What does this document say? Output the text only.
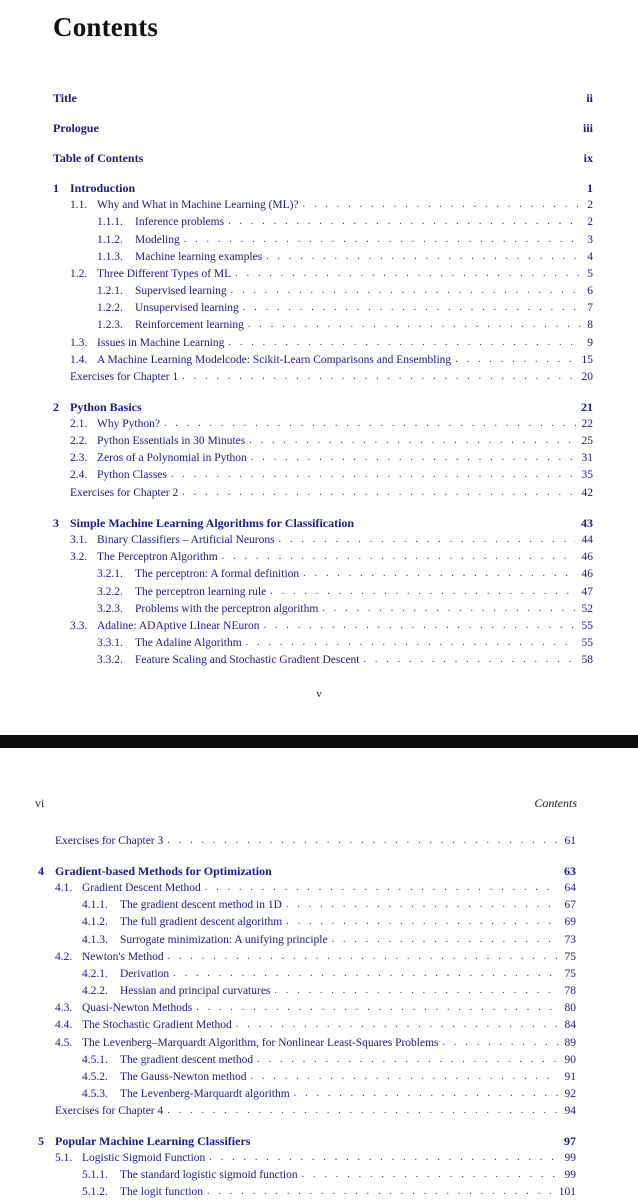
Contents
Title	ii
Prologue	iii
Table of Contents	ix
1 Introduction	1
1.1. Why and What in Machine Learning (ML)? . . .	2
1.1.1.	Inference problems . . .	2
1.1.2.	Modeling . . .	3
1.1.3.	Machine learning examples . . .	4
1.2. Three Different Types of ML . . .	5
1.2.1.	Supervised learning . . .	6
1.2.2.	Unsupervised learning . . .	7
1.2.3.	Reinforcement learning . . .	8
1.3. Issues in Machine Learning . . .	9
1.4. A Machine Learning Modelcode: Scikit-Learn Comparisons and Ensembling . . .	15
Exercises for Chapter 1 . . .	20
2 Python Basics	21
2.1. Why Python? . . .	22
2.2. Python Essentials in 30 Minutes . . .	25
2.3. Zeros of a Polynomial in Python . . .	31
2.4. Python Classes . . .	35
Exercises for Chapter 2 . . .	42
3 Simple Machine Learning Algorithms for Classification	43
3.1. Binary Classifiers – Artificial Neurons . . .	44
3.2. The Perceptron Algorithm . . .	46
3.2.1.	The perceptron: A formal definition . . .	46
3.2.2.	The perceptron learning rule . . .	47
3.2.3.	Problems with the perceptron algorithm . . .	52
3.3. Adaline: ADAptive LInear NEuron . . .	55
3.3.1.	The Adaline Algorithm . . .	55
3.3.2.	Feature Scaling and Stochastic Gradient Descent . . .	58
v
Exercises for Chapter 3 . . .	61
4 Gradient-based Methods for Optimization	63
4.1. Gradient Descent Method . . .	64
4.1.1.	The gradient descent method in 1D . . .	67
4.1.2.	The full gradient descent algorithm . . .	69
4.1.3.	Surrogate minimization: A unifying principle . . .	73
4.2. Newton's Method . . .	75
4.2.1.	Derivation . . .	75
4.2.2.	Hessian and principal curvatures . . .	78
4.3. Quasi-Newton Methods . . .	80
4.4. The Stochastic Gradient Method . . .	84
4.5. The Levenberg–Marquardt Algorithm, for Nonlinear Least-Squares Problems . . .	89
4.5.1.	The gradient descent method . . .	90
4.5.2.	The Gauss-Newton method . . .	91
4.5.3.	The Levenberg-Marquardt algorithm . . .	92
Exercises for Chapter 4 . . .	94
5 Popular Machine Learning Classifiers	97
5.1. Logistic Sigmoid Function . . .	99
5.1.1.	The standard logistic sigmoid function . . .	99
5.1.2.	The logit function . . .	101
vi	Contents
